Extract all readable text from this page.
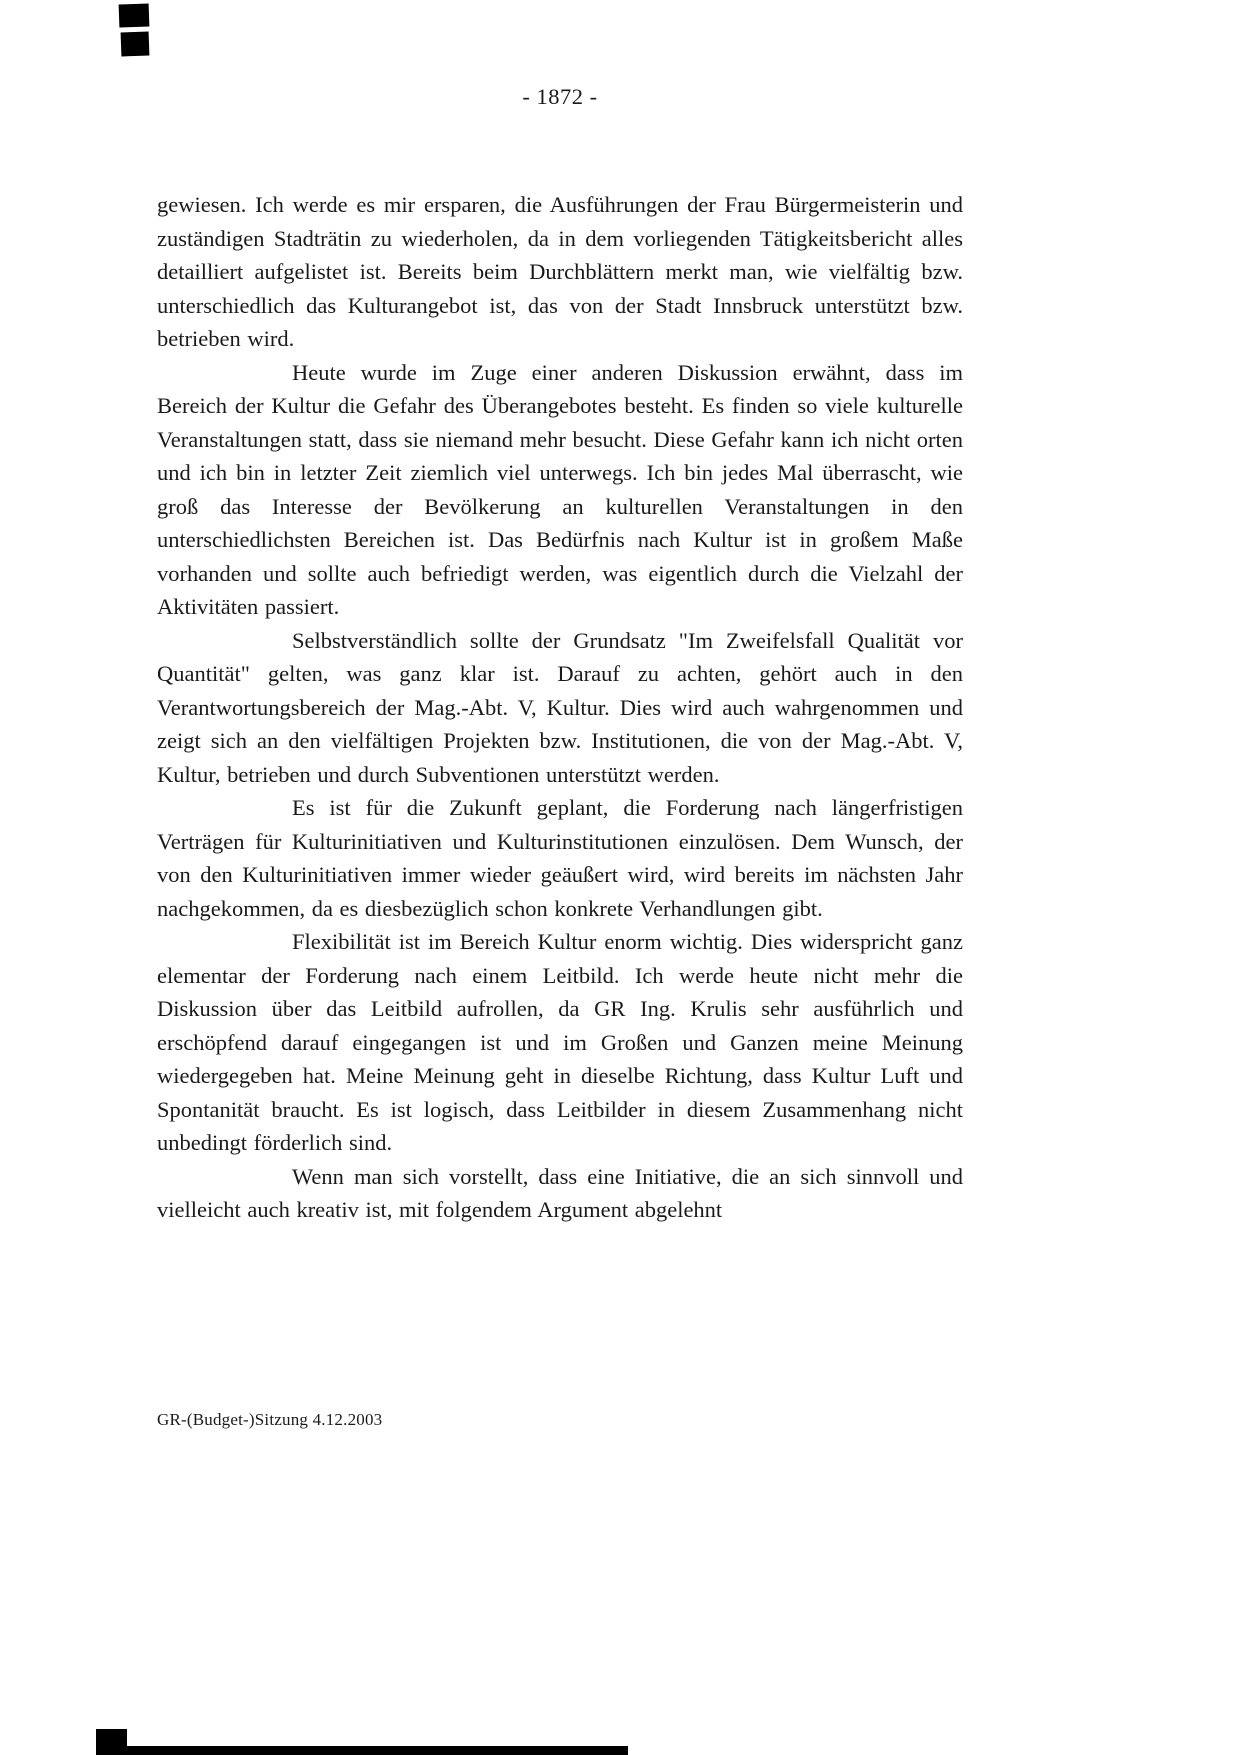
- 1872 -

gewiesen. Ich werde es mir ersparen, die Ausführungen der Frau Bürgermeisterin und zuständigen Stadträtin zu wiederholen, da in dem vorliegenden Tätigkeitsbericht alles detailliert aufgelistet ist. Bereits beim Durchblättern merkt man, wie vielfältig bzw. unterschiedlich das Kulturangebot ist, das von der Stadt Innsbruck unterstützt bzw. betrieben wird.

Heute wurde im Zuge einer anderen Diskussion erwähnt, dass im Bereich der Kultur die Gefahr des Überangebotes besteht. Es finden so viele kulturelle Veranstaltungen statt, dass sie niemand mehr besucht. Diese Gefahr kann ich nicht orten und ich bin in letzter Zeit ziemlich viel unterwegs. Ich bin jedes Mal überrascht, wie groß das Interesse der Bevölkerung an kulturellen Veranstaltungen in den unterschiedlichsten Bereichen ist. Das Bedürfnis nach Kultur ist in großem Maße vorhanden und sollte auch befriedigt werden, was eigentlich durch die Vielzahl der Aktivitäten passiert.

Selbstverständlich sollte der Grundsatz "Im Zweifelsfall Qualität vor Quantität" gelten, was ganz klar ist. Darauf zu achten, gehört auch in den Verantwortungsbereich der Mag.-Abt. V, Kultur. Dies wird auch wahrgenommen und zeigt sich an den vielfältigen Projekten bzw. Institutionen, die von der Mag.-Abt. V, Kultur, betrieben und durch Subventionen unterstützt werden.

Es ist für die Zukunft geplant, die Forderung nach längerfristigen Verträgen für Kulturinitiativen und Kulturinstitutionen einzulösen. Dem Wunsch, der von den Kulturinitiativen immer wieder geäußert wird, wird bereits im nächsten Jahr nachgekommen, da es diesbezüglich schon konkrete Verhandlungen gibt.

Flexibilität ist im Bereich Kultur enorm wichtig. Dies widerspricht ganz elementar der Forderung nach einem Leitbild. Ich werde heute nicht mehr die Diskussion über das Leitbild aufrollen, da GR Ing. Krulis sehr ausführlich und erschöpfend darauf eingegangen ist und im Großen und Ganzen meine Meinung wiedergegeben hat. Meine Meinung geht in dieselbe Richtung, dass Kultur Luft und Spontanität braucht. Es ist logisch, dass Leitbilder in diesem Zusammenhang nicht unbedingt förderlich sind.

Wenn man sich vorstellt, dass eine Initiative, die an sich sinnvoll und vielleicht auch kreativ ist, mit folgendem Argument abgelehnt

GR-(Budget-)Sitzung 4.12.2003
